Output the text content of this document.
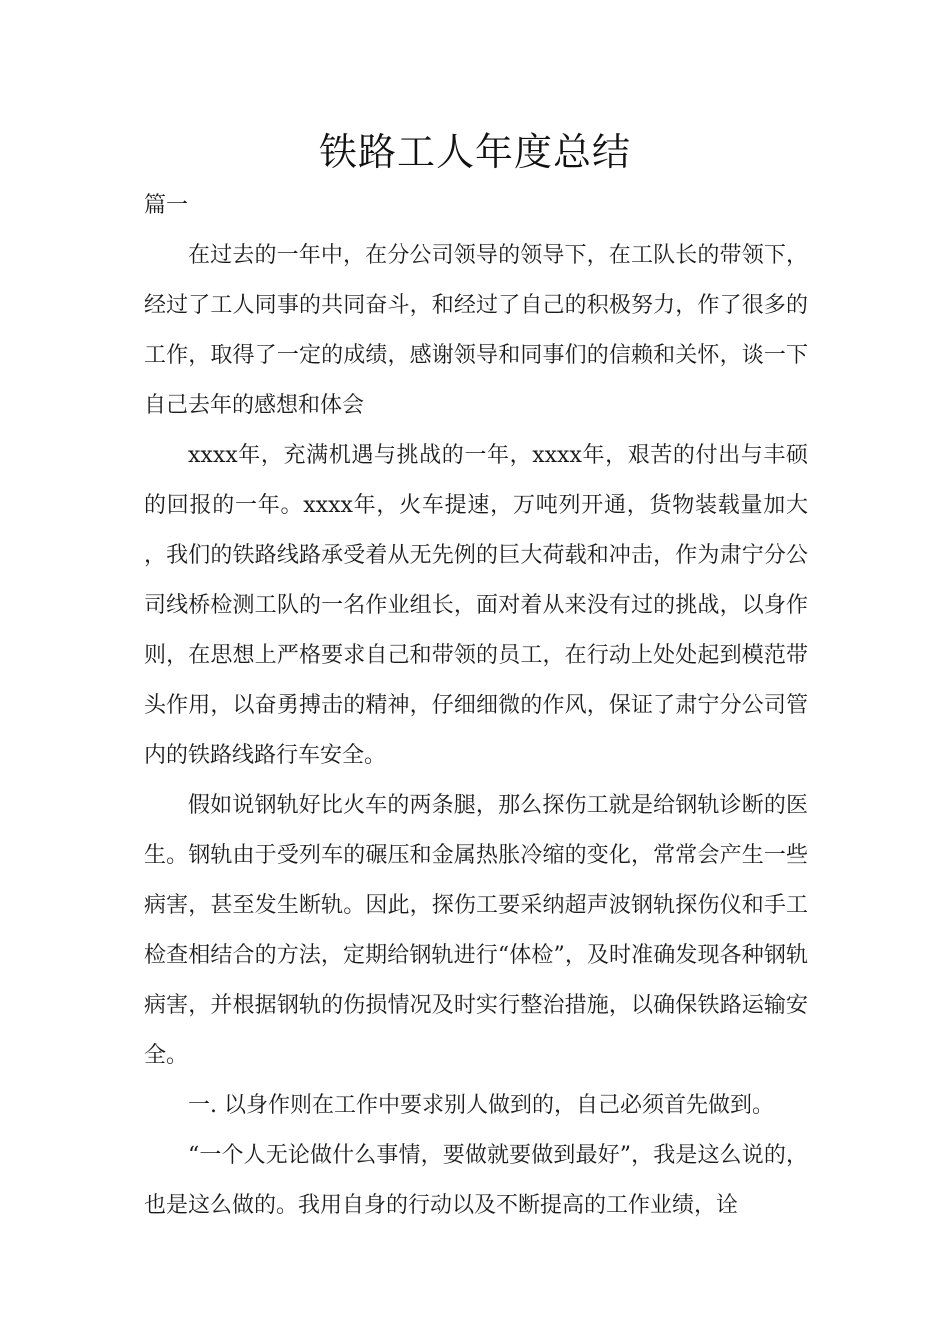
铁路工人年度总结

篇一

在过去的一年中，在分公司领导的领导下，在工队长的带领下，经过了工人同事的共同奋斗，和经过了自己的积极努力，作了很多的工作，取得了一定的成绩，感谢领导和同事们的信赖和关怀，谈一下自己去年的感想和体会

xxxx年，充满机遇与挑战的一年，xxxx年，艰苦的付出与丰硕的回报的一年。xxxx年，火车提速，万吨列开通，货物装载量加大，我们的铁路线路承受着从无先例的巨大荷载和冲击，作为肃宁分公司线桥检测工队的一名作业组长，面对着从来没有过的挑战，以身作则，在思想上严格要求自己和带领的员工，在行动上处处起到模范带头作用，以奋勇搏击的精神，仔细细微的作风，保证了肃宁分公司管内的铁路线路行车安全。

假如说钢轨好比火车的两条腿，那么探伤工就是给钢轨诊断的医生。钢轨由于受列车的碾压和金属热胀冷缩的变化，常常会产生一些病害，甚至发生断轨。因此，探伤工要采纳超声波钢轨探伤仪和手工检查相结合的方法，定期给钢轨进行“体检”，及时准确发现各种钢轨病害，并根据钢轨的伤损情况及时实行整治措施，以确保铁路运输安全。

一. 以身作则在工作中要求别人做到的，自己必须首先做到。

“一个人无论做什么事情，要做就要做到最好”，我是这么说的，也是这么做的。我用自身的行动以及不断提高的工作业绩，诠
